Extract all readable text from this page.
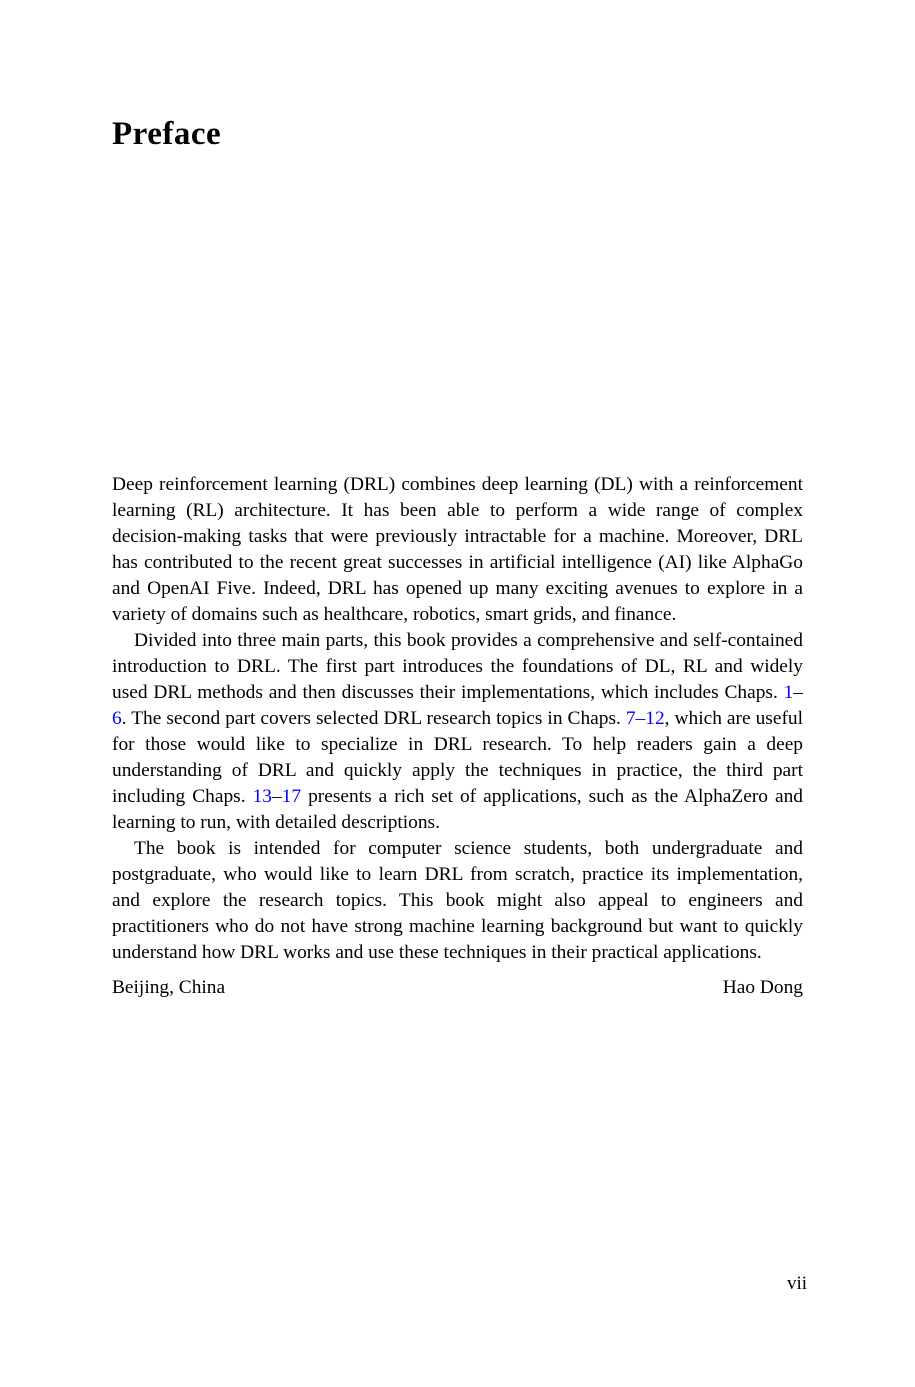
Preface

Deep reinforcement learning (DRL) combines deep learning (DL) with a reinforcement learning (RL) architecture. It has been able to perform a wide range of complex decision-making tasks that were previously intractable for a machine. Moreover, DRL has contributed to the recent great successes in artificial intelligence (AI) like AlphaGo and OpenAI Five. Indeed, DRL has opened up many exciting avenues to explore in a variety of domains such as healthcare, robotics, smart grids, and finance.

Divided into three main parts, this book provides a comprehensive and self-contained introduction to DRL. The first part introduces the foundations of DL, RL and widely used DRL methods and then discusses their implementations, which includes Chaps. 1–6. The second part covers selected DRL research topics in Chaps. 7–12, which are useful for those would like to specialize in DRL research. To help readers gain a deep understanding of DRL and quickly apply the techniques in practice, the third part including Chaps. 13–17 presents a rich set of applications, such as the AlphaZero and learning to run, with detailed descriptions.

The book is intended for computer science students, both undergraduate and postgraduate, who would like to learn DRL from scratch, practice its implementation, and explore the research topics. This book might also appeal to engineers and practitioners who do not have strong machine learning background but want to quickly understand how DRL works and use these techniques in their practical applications.

Beijing, China	Hao Dong
vii
